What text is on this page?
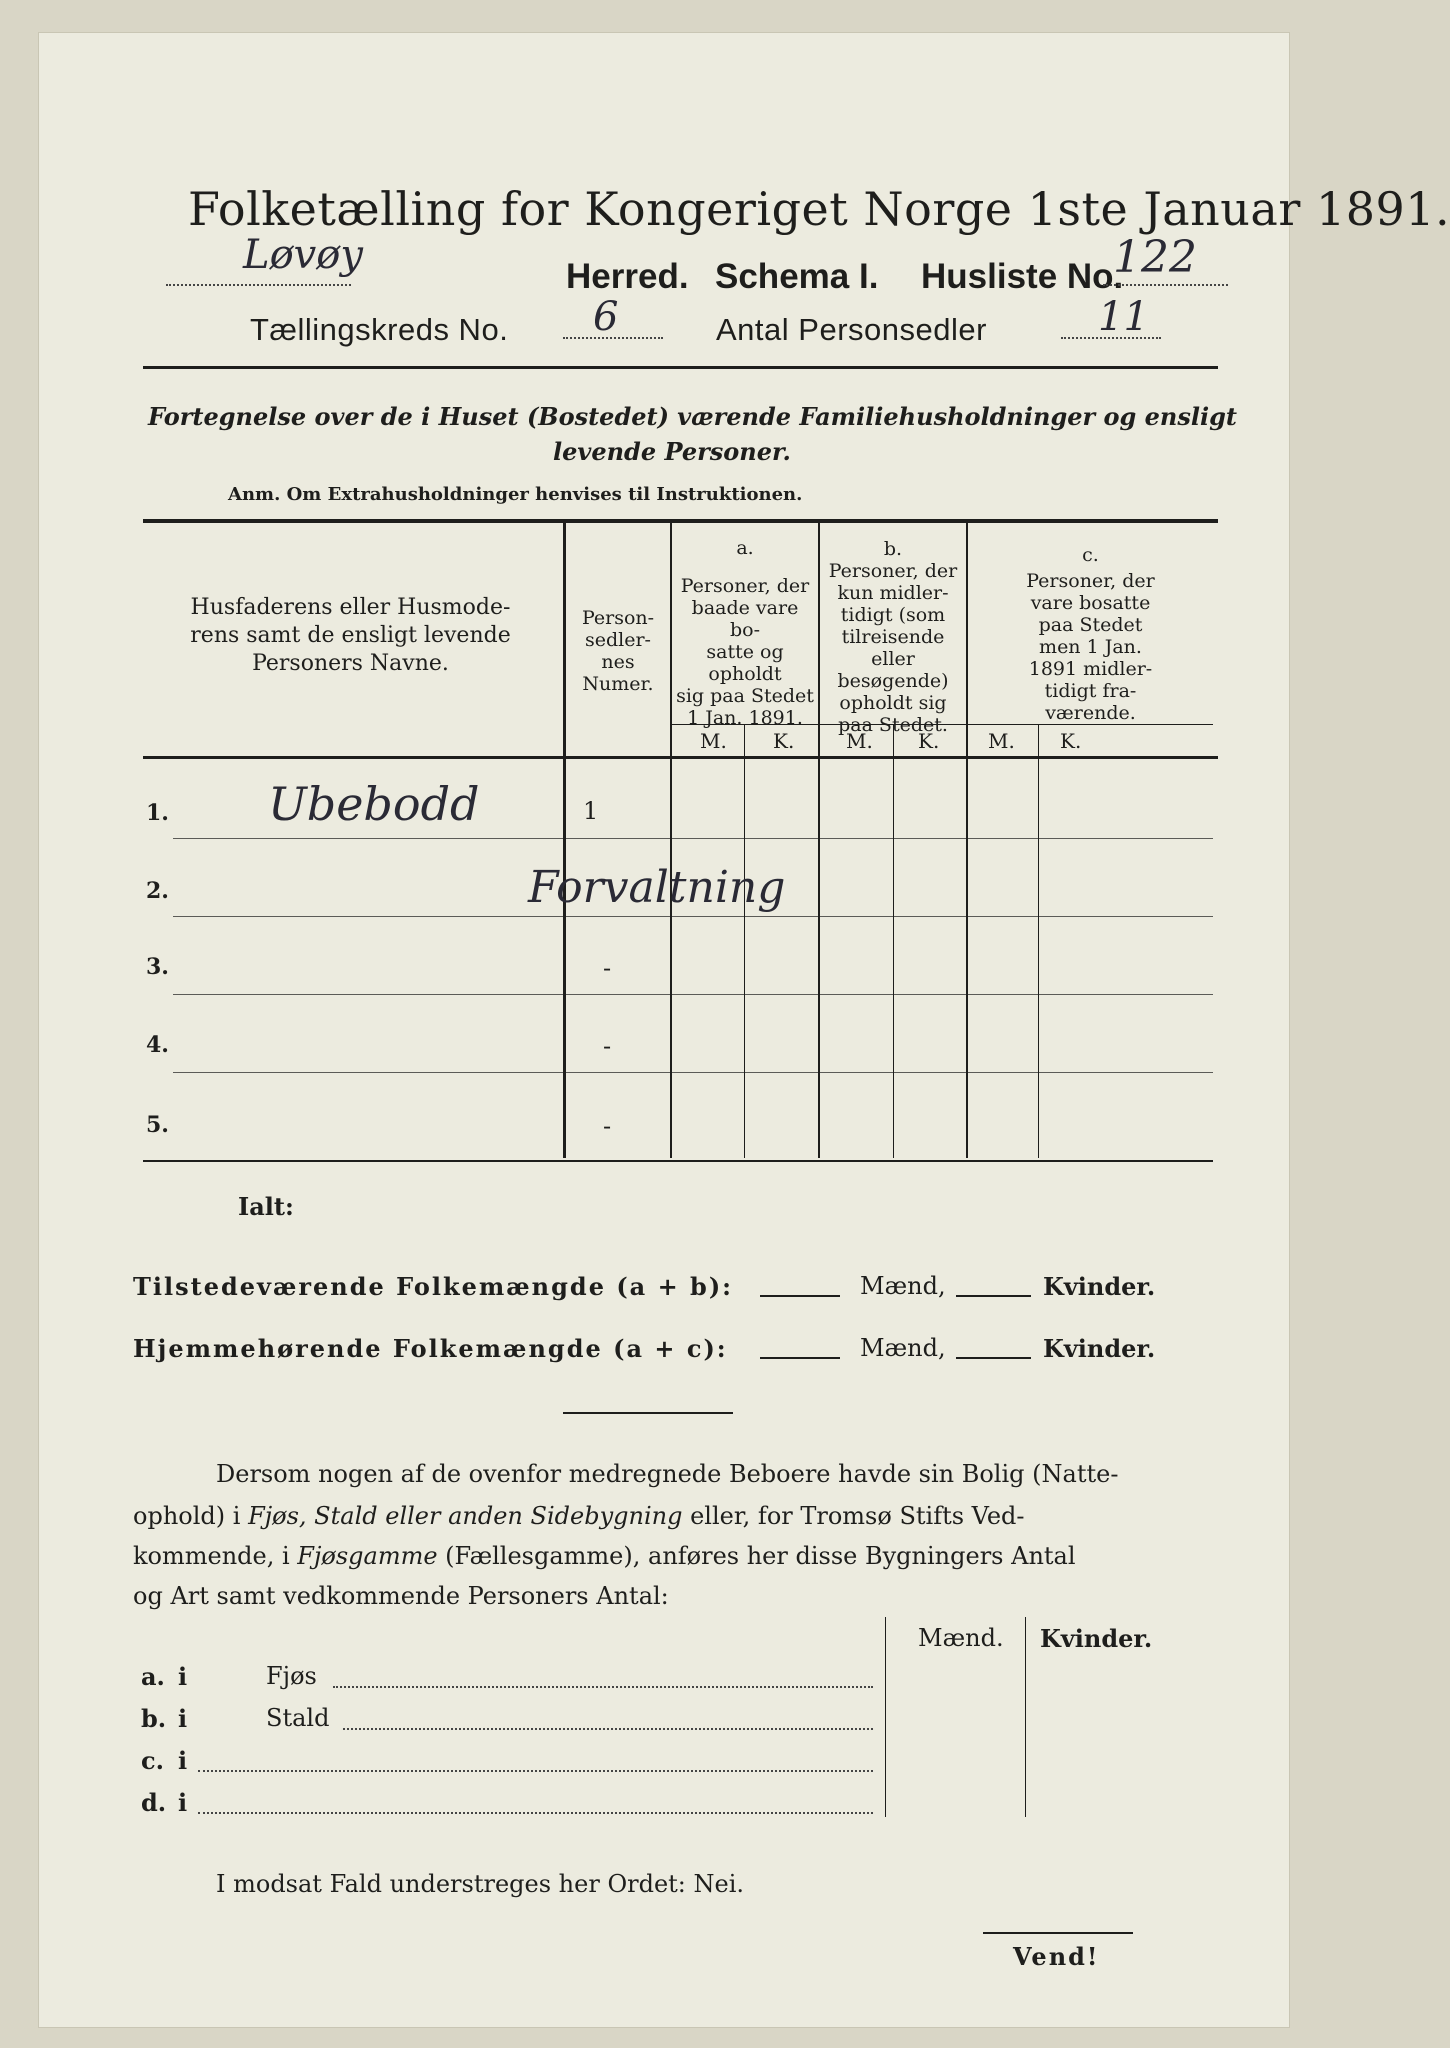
Folketælling for Kongeriget Norge 1ste Januar 1891.
Løvøy	Herred. Schema I. Husliste No.
122
Tællingskreds No. 6	Antal Personsedler	11
Fortegnelse over de i Huset (Bostedet) værende Familiehusholdninger og ensligt
levende Personer.
Anm. Om Extrahusholdninger henvises til Instruktionen.
Husfaderens eller Husmode-
rens samt de ensligt levende
Personers Navne.
Person-
sedler-
nes
Numer.
a.
Personer, der
baade vare bo-
satte og opholdt
sig paa Stedet
1 Jan. 1891.
b.
Personer, der
kun midler-
tidigt (som
tilreisende
eller
besøgende)
opholdt sig
paa Stedet.
c.
Personer, der
vare bosatte
paa Stedet
men 1 Jan.
1891 midler-
tidigt fra-
værende.
M. K.	M. K. M. K.
1. Ubebodd	1
2.	Forvaltning
3.	-
4.	-
5.	-
Ialt:
Tilstedeværende Folkemængde (a + b):	Mænd,	Kvinder.
Hjemmehørende Folkemængde (a + c):	Mænd,	Kvinder.
Dersom nogen af de ovenfor medregnede Beboere havde sin Bolig (Natte-
ophold) i Fjøs, Stald eller anden Sidebygning eller, for Tromsø Stifts Ved-
kommende, i Fjøsgamme (Fællesgamme), anføres her disse Bygningers Antal
og Art samt vedkommende Personers Antal:
Mænd. Kvinder.
a. i	Fjøs
b. i	Stald
c. i
d. i
I modsat Fald understreges her Ordet: Nei.
Vend!
